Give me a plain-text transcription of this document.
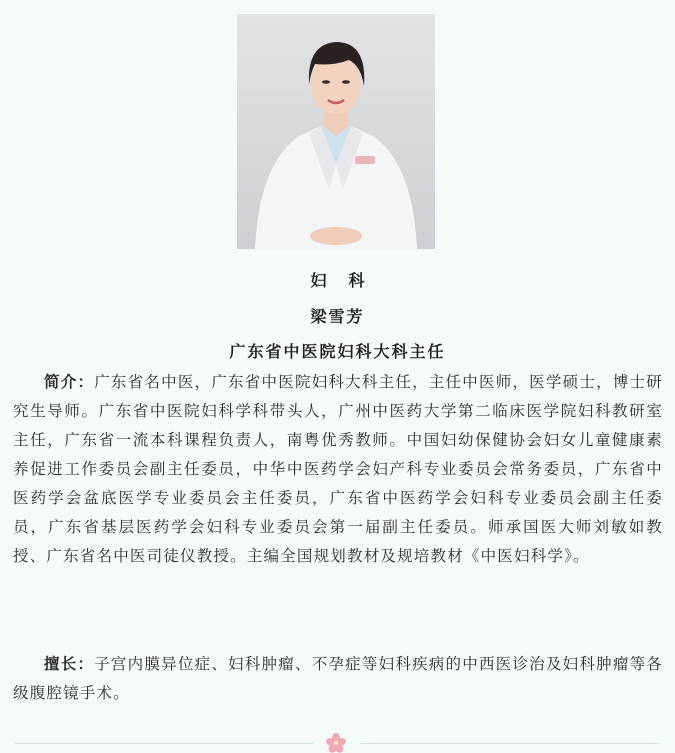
妇科
梁雪芳
广东省中医院妇科大科主任

简介：广东省名中医，广东省中医院妇科大科主任，主任中医师，医学硕士，博士研究生导师。广东省中医院妇科学科带头人，广州中医药大学第二临床医学院妇科教研室主任，广东省一流本科课程负责人，南粤优秀教师。中国妇幼保健协会妇女儿童健康素养促进工作委员会副主任委员，中华中医药学会妇产科专业委员会常务委员，广东省中医药学会盆底医学专业委员会主任委员，广东省中医药学会妇科专业委员会副主任委员，广东省基层医药学会妇科专业委员会第一届副主任委员。师承国医大师刘敏如教授、广东省名中医司徒仪教授。主编全国规划教材及规培教材《中医妇科学》。

擅长：子宫内膜异位症、妇科肿瘤、不孕症等妇科疾病的中西医诊治及妇科肿瘤等各级腹腔镜手术。
